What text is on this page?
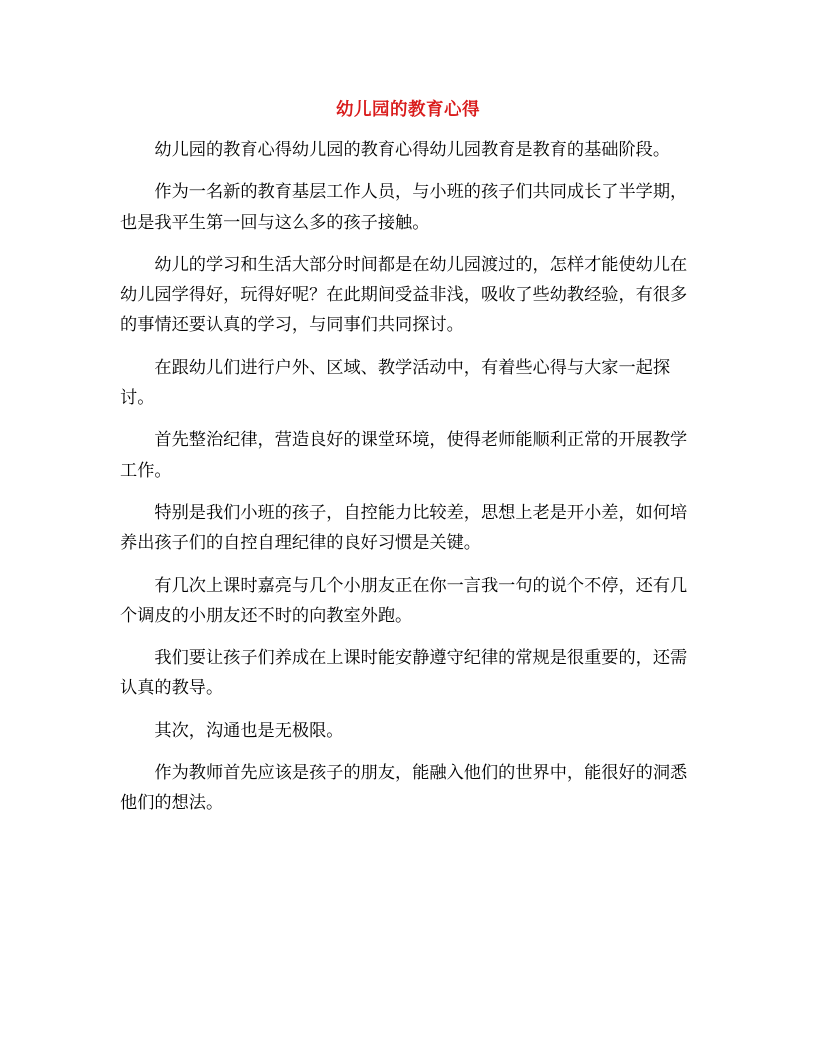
幼儿园的教育心得

幼儿园的教育心得幼儿园的教育心得幼儿园教育是教育的基础阶段。

作为一名新的教育基层工作人员，与小班的孩子们共同成长了半学期，也是我平生第一回与这么多的孩子接触。

幼儿的学习和生活大部分时间都是在幼儿园渡过的，怎样才能使幼儿在幼儿园学得好，玩得好呢？在此期间受益非浅，吸收了些幼教经验，有很多的事情还要认真的学习，与同事们共同探讨。

在跟幼儿们进行户外、区域、教学活动中，有着些心得与大家一起探讨。

首先整治纪律，营造良好的课堂环境，使得老师能顺利正常的开展教学工作。

特别是我们小班的孩子，自控能力比较差，思想上老是开小差，如何培养出孩子们的自控自理纪律的良好习惯是关键。

有几次上课时嘉亮与几个小朋友正在你一言我一句的说个不停，还有几个调皮的小朋友还不时的向教室外跑。

我们要让孩子们养成在上课时能安静遵守纪律的常规是很重要的，还需认真的教导。

其次，沟通也是无极限。

作为教师首先应该是孩子的朋友，能融入他们的世界中，能很好的洞悉他们的想法。
